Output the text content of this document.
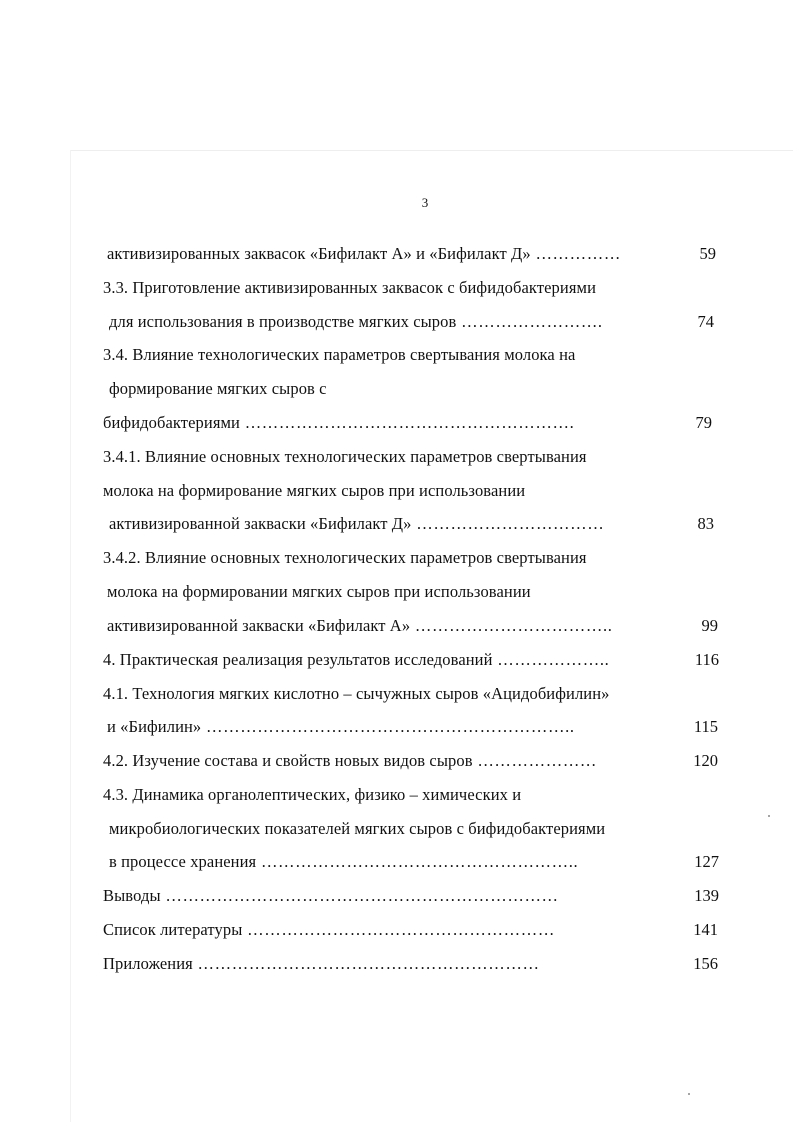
3
активизированных заквасок «Бифилакт А» и «Бифилакт Д» ……………	59
3.3. Приготовление активизированных заквасок с бифидобактериями
для использования в производстве мягких сыров …………………….	74
3.4. Влияние технологических параметров свертывания молока на
формирование мягких сыров с
бифидобактериями ………………………………………………….	79
3.4.1. Влияние основных технологических параметров свертывания
молока на формирование мягких сыров при использовании
активизированной закваски «Бифилакт Д» ……………………………	83
3.4.2. Влияние основных технологических параметров свертывания
молока на формировании мягких сыров при использовании
активизированной закваски «Бифилакт А» ……………………………..	99
4. Практическая реализация результатов исследований ………………..	116
4.1. Технология мягких кислотно – сычужных сыров «Ацидобифилин»
и «Бифилин» ………………………………………………………..	115
4.2. Изучение состава и свойств новых видов сыров …………………	120
4.3. Динамика органолептических, физико – химических и
микробиологических показателей мягких сыров с бифидобактериями
в процессе хранения ………………………………………………..	127
Выводы ……………………………………………………………	139
Список литературы ………………………………………………	141
Приложения ……………………………………………………	156
